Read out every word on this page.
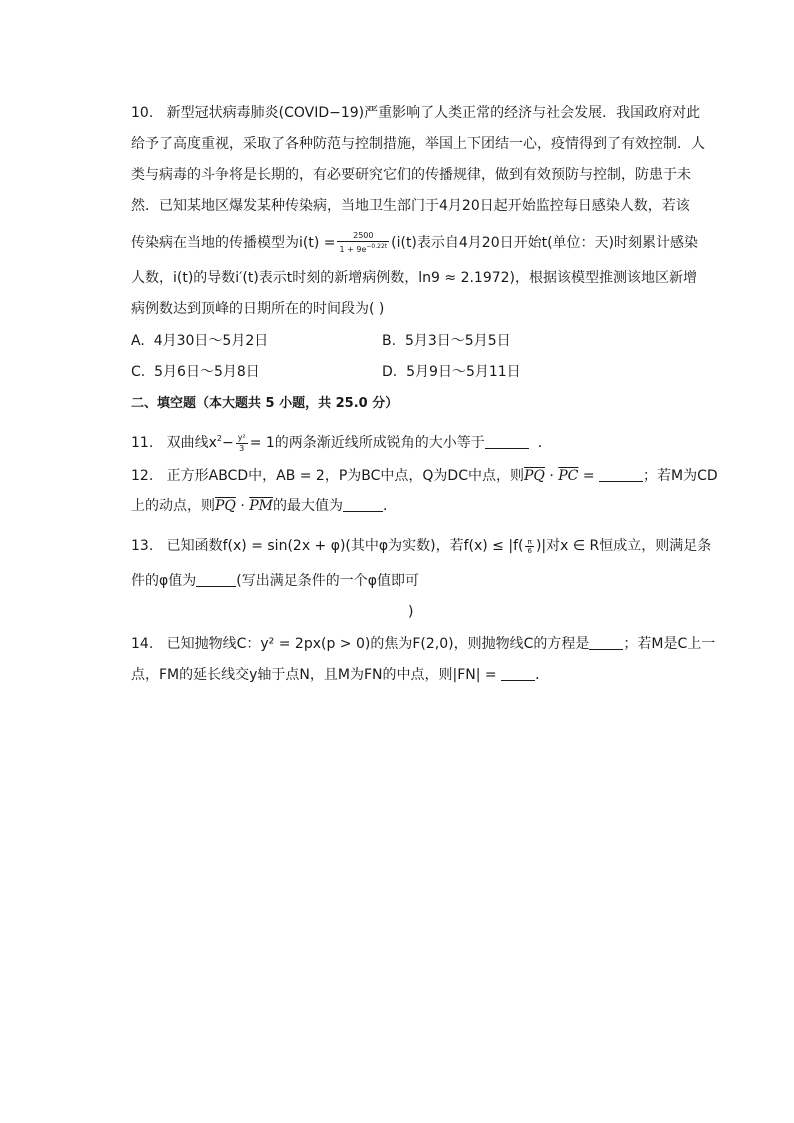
10. 新型冠状病毒肺炎(COVID−19)严重影响了人类正常的经济与社会发展．我国政府对此
给予了高度重视，采取了各种防范与控制措施，举国上下团结一心，疫情得到了有效控制．人
类与病毒的斗争将是长期的，有必要研究它们的传播规律，做到有效预防与控制，防患于未
然．已知某地区爆发某种传染病，当地卫生部门于4月20日起开始监控每日感染人数，若该
传染病在当地的传播模型为$i(t) = \frac{2500}{1 + 9e^{-0.22t}} (i(t)$表示自4月20日开始t(单位：天)时刻累计感染
人数，i(t)的导数i′(t)表示t时刻的新增病例数，ln9 ≈ 2.1972)，根据该模型推测该地区新增
病例数达到顶峰的日期所在的时间段为( )
A. 4月30日～5月2日	B. 5月3日～5月5日
C. 5月6日～5月8日	D. 5月9日～5月11日
二、填空题（本大题共 5 小题，共 25.0 分）
11. 双曲线$x^2- \frac{\text{y²}}{3} = 1$的两条渐近线所成锐角的大小等于	．
12. 正方形ABCD中，AB = 2，P为BC中点，Q为DC中点，则$\overline{PQ} \cdot \overline{PC}$ =	；若M为CD
上的动点，则$\overline{PQ} \cdot \overline{PM}$的最大值为	．
13. 已知函数f(x) = sin(2x + φ)(其中φ为实数)，若$f(x) \le |f( \frac{\pi}{6}$ )|对x ∈ R恒成立，则满足条
件的φ值为	(写出满足条件的一个φ值即可
)
14. 已知抛物线C：y² = 2px(p > 0)的焦为F(2,0)，则抛物线C的方程是 ；若M是C上一
点，FM的延长线交y轴于点N，且M为FN的中点，则|FN| = ．
